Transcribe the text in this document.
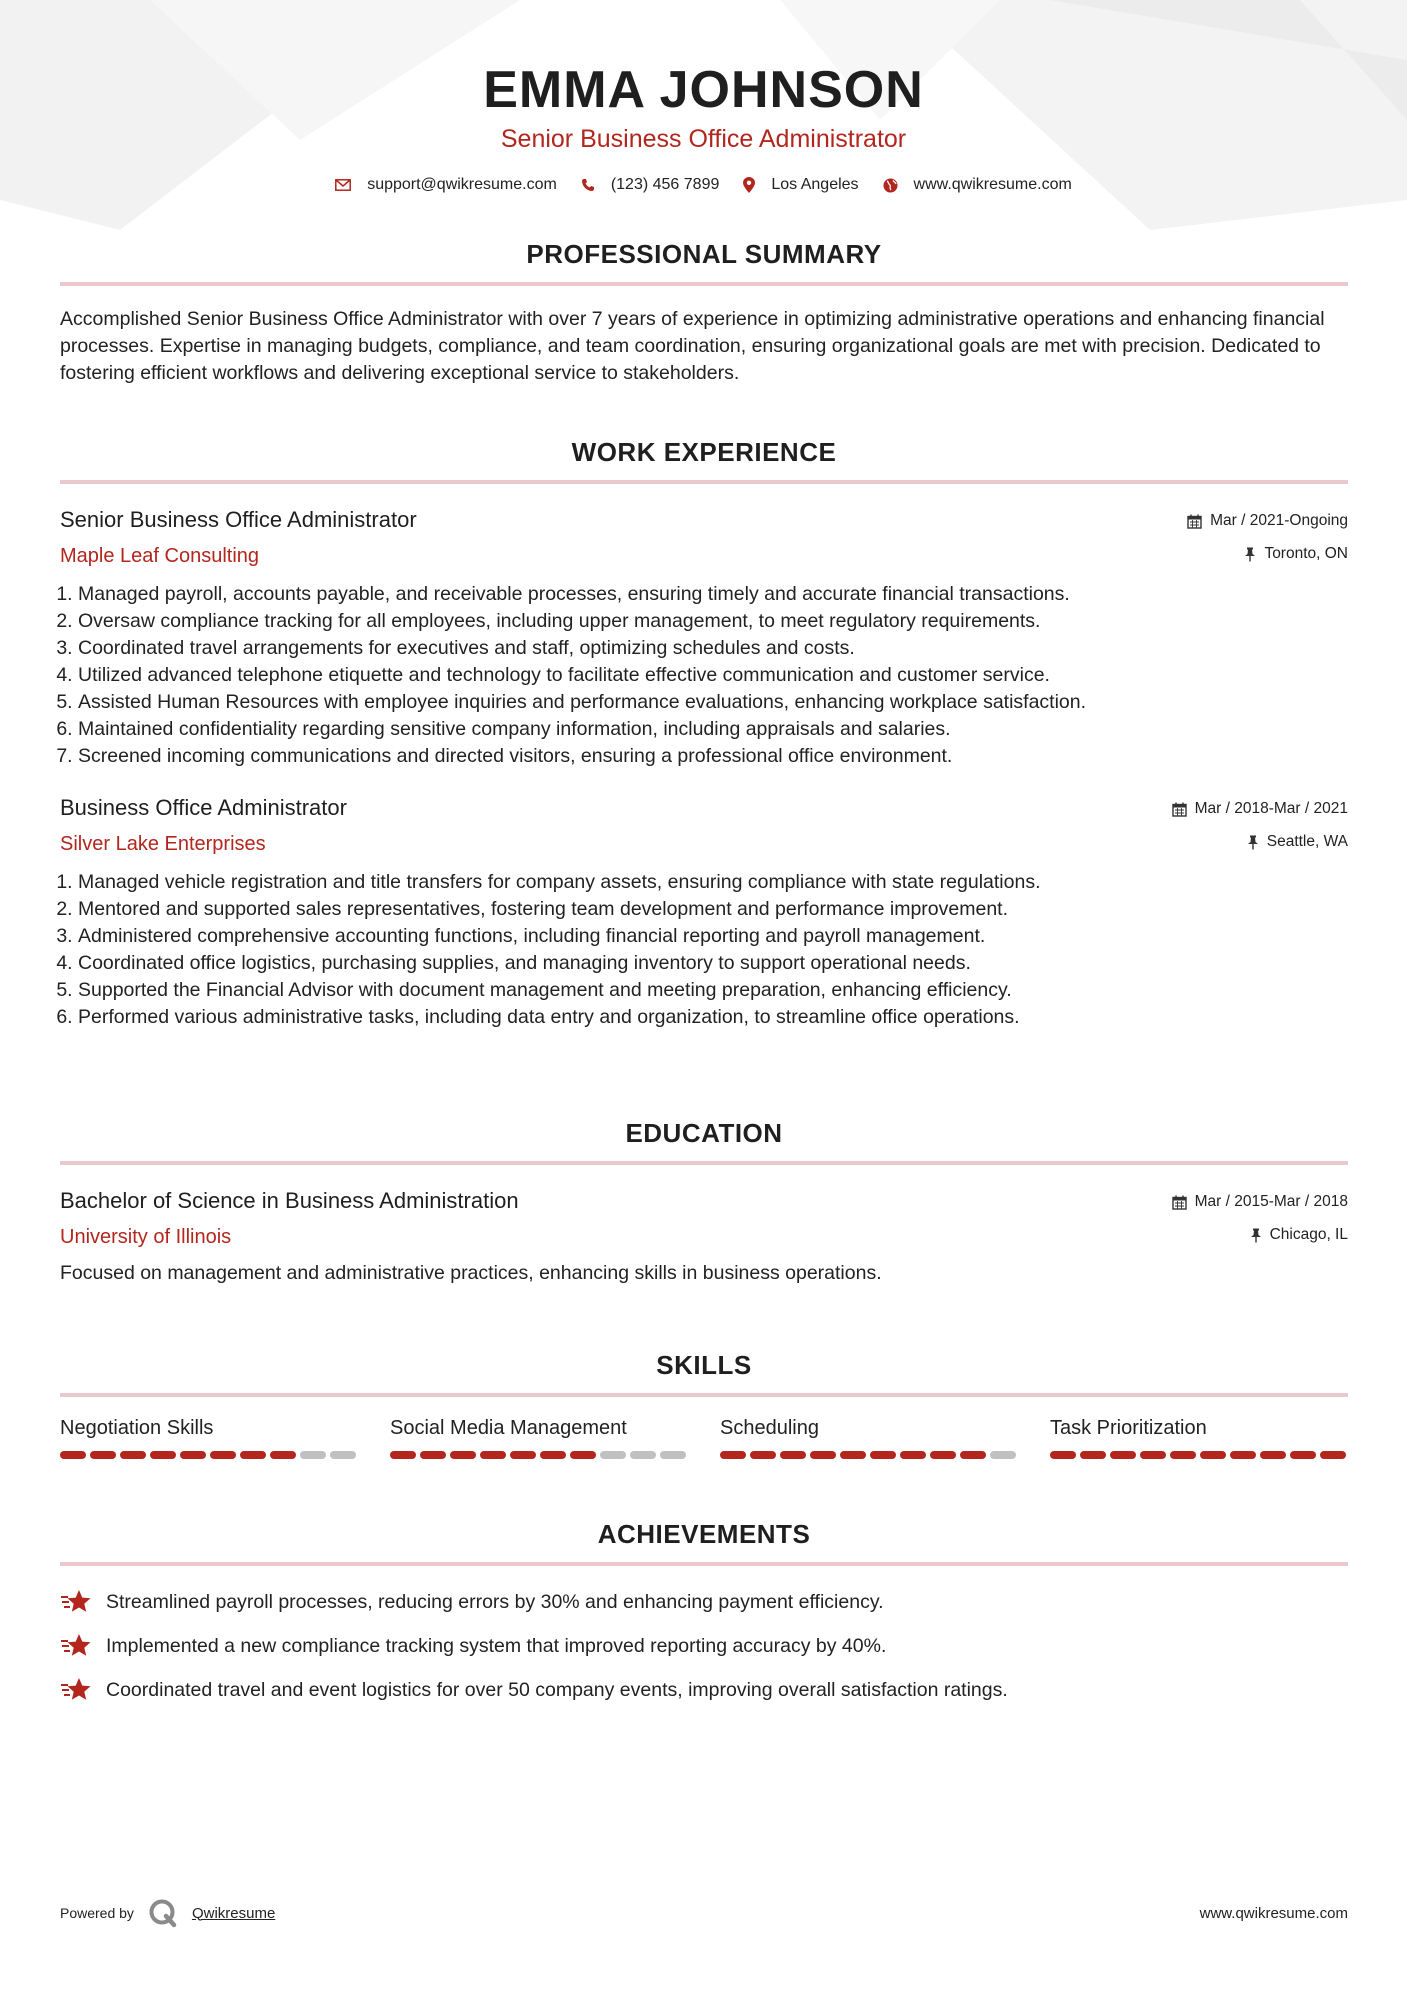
EMMA JOHNSON
Senior Business Office Administrator
support@qwikresume.com	(123) 456 7899	Los Angeles	www.qwikresume.com
PROFESSIONAL SUMMARY
Accomplished Senior Business Office Administrator with over 7 years of experience in optimizing administrative operations and enhancing financial processes. Expertise in managing budgets, compliance, and team coordination, ensuring organizational goals are met with precision. Dedicated to fostering efficient workflows and delivering exceptional service to stakeholders.
WORK EXPERIENCE
Senior Business Office Administrator
Maple Leaf Consulting
Mar / 2021-Ongoing
Toronto, ON
1. Managed payroll, accounts payable, and receivable processes, ensuring timely and accurate financial transactions.
2. Oversaw compliance tracking for all employees, including upper management, to meet regulatory requirements.
3. Coordinated travel arrangements for executives and staff, optimizing schedules and costs.
4. Utilized advanced telephone etiquette and technology to facilitate effective communication and customer service.
5. Assisted Human Resources with employee inquiries and performance evaluations, enhancing workplace satisfaction.
6. Maintained confidentiality regarding sensitive company information, including appraisals and salaries.
7. Screened incoming communications and directed visitors, ensuring a professional office environment.
Business Office Administrator
Silver Lake Enterprises
Mar / 2018-Mar / 2021
Seattle, WA
1. Managed vehicle registration and title transfers for company assets, ensuring compliance with state regulations.
2. Mentored and supported sales representatives, fostering team development and performance improvement.
3. Administered comprehensive accounting functions, including financial reporting and payroll management.
4. Coordinated office logistics, purchasing supplies, and managing inventory to support operational needs.
5. Supported the Financial Advisor with document management and meeting preparation, enhancing efficiency.
6. Performed various administrative tasks, including data entry and organization, to streamline office operations.
EDUCATION
Bachelor of Science in Business Administration
University of Illinois
Mar / 2015-Mar / 2018
Chicago, IL
Focused on management and administrative practices, enhancing skills in business operations.
SKILLS
Negotiation Skills	Social Media Management	Scheduling	Task Prioritization
ACHIEVEMENTS
Streamlined payroll processes, reducing errors by 30% and enhancing payment efficiency.
Implemented a new compliance tracking system that improved reporting accuracy by 40%.
Coordinated travel and event logistics for over 50 company events, improving overall satisfaction ratings.
Powered by	Qwikresume	www.qwikresume.com
